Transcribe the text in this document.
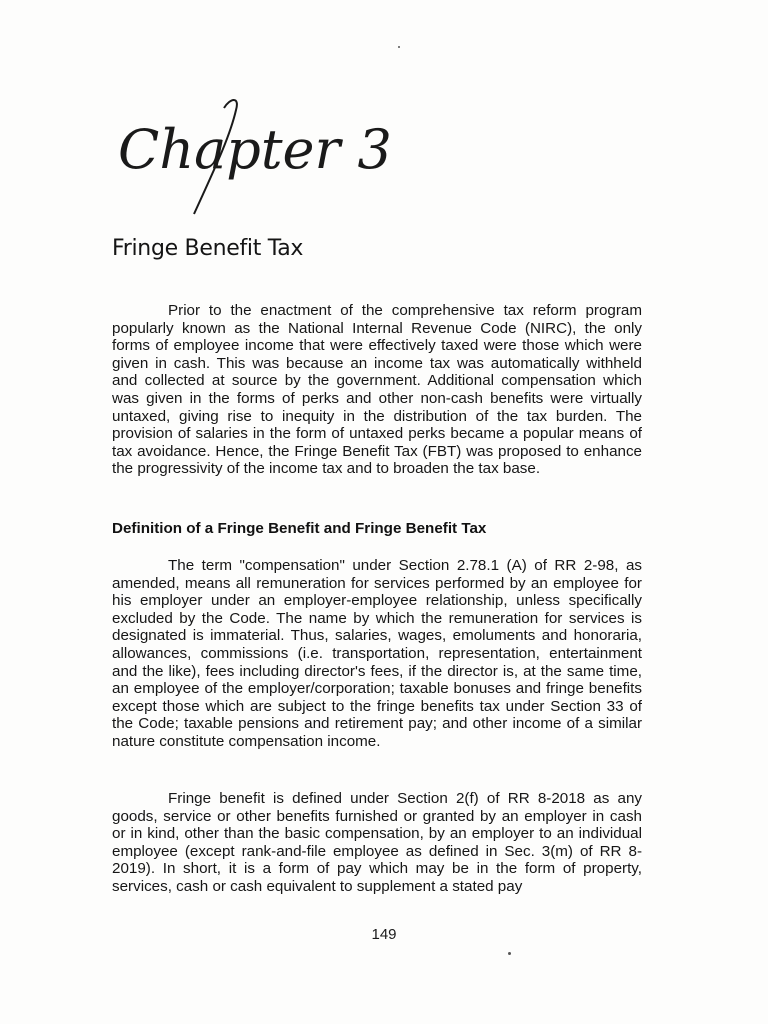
Chapter 3
Fringe Benefit Tax
Prior to the enactment of the comprehensive tax reform program popularly known as the National Internal Revenue Code (NIRC), the only forms of employee income that were effectively taxed were those which were given in cash. This was because an income tax was automatically withheld and collected at source by the government. Additional compensation which was given in the forms of perks and other non-cash benefits were virtually untaxed, giving rise to inequity in the distribution of the tax burden. The provision of salaries in the form of untaxed perks became a popular means of tax avoidance. Hence, the Fringe Benefit Tax (FBT) was proposed to enhance the progressivity of the income tax and to broaden the tax base.
Definition of a Fringe Benefit and Fringe Benefit Tax
The term "compensation" under Section 2.78.1 (A) of RR 2-98, as amended, means all remuneration for services performed by an employee for his employer under an employer-employee relationship, unless specifically excluded by the Code. The name by which the remuneration for services is designated is immaterial. Thus, salaries, wages, emoluments and honoraria, allowances, commissions (i.e. transportation, representation, entertainment and the like), fees including director's fees, if the director is, at the same time, an employee of the employer/corporation; taxable bonuses and fringe benefits except those which are subject to the fringe benefits tax under Section 33 of the Code; taxable pensions and retirement pay; and other income of a similar nature constitute compensation income.
Fringe benefit is defined under Section 2(f) of RR 8-2018 as any goods, service or other benefits furnished or granted by an employer in cash or in kind, other than the basic compensation, by an employer to an individual employee (except rank-and-file employee as defined in Sec. 3(m) of RR 8-2019). In short, it is a form of pay which may be in the form of property, services, cash or cash equivalent to supplement a stated pay
149
